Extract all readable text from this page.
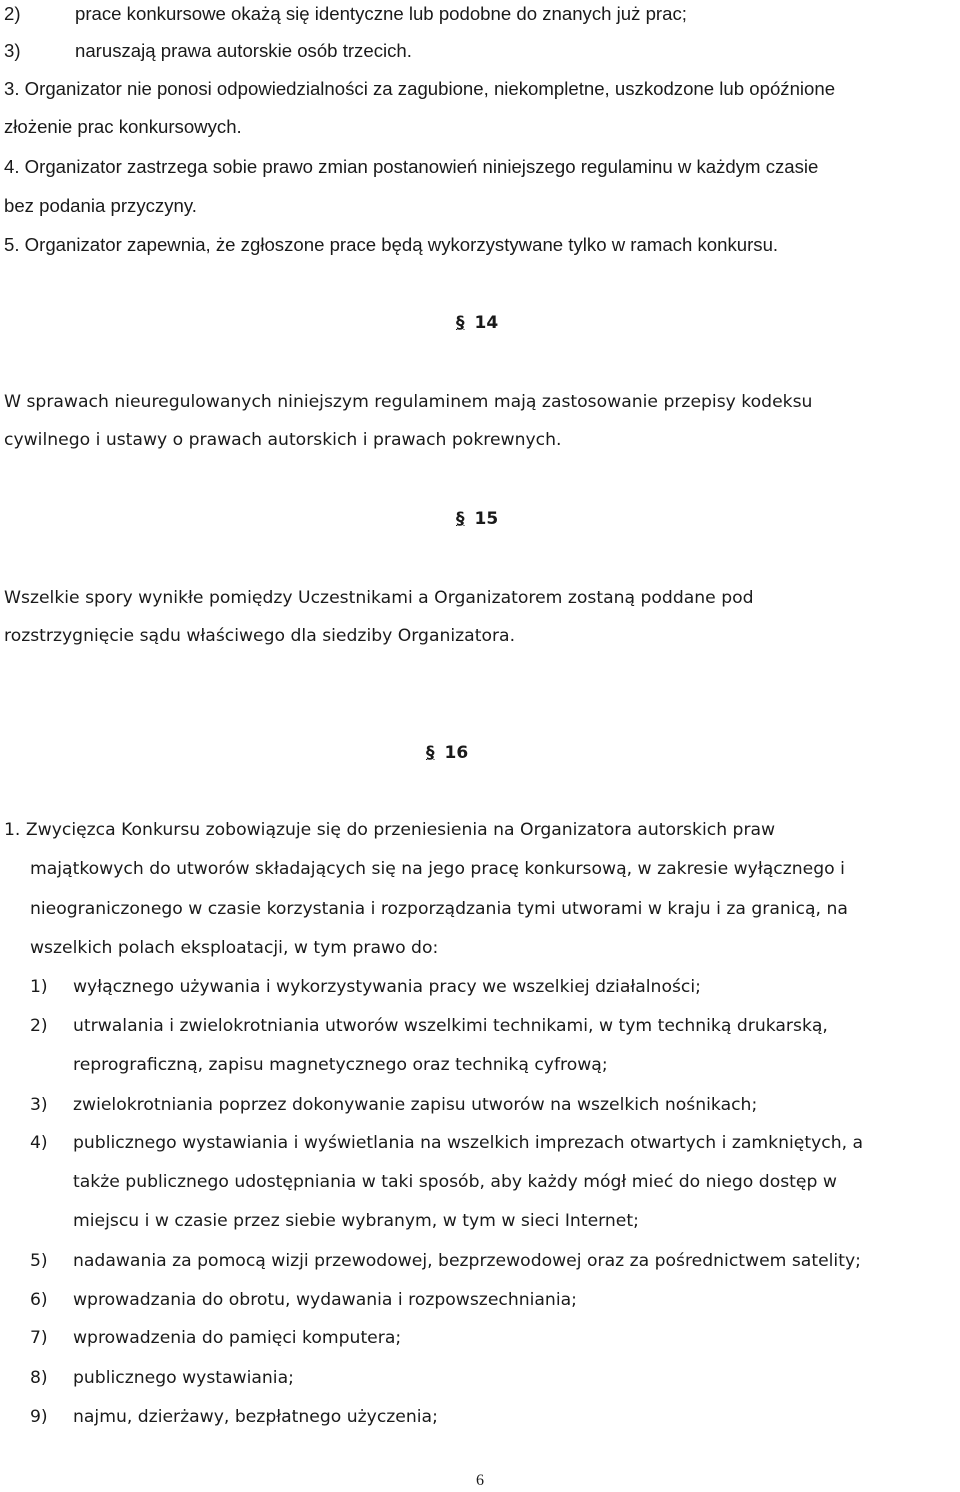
2)	prace konkursowe okażą się identyczne lub podobne do znanych już prac;
3)	naruszają prawa autorskie osób trzecich.
3. Organizator nie ponosi odpowiedzialności za zagubione, niekompletne, uszkodzone lub opóźnione
złożenie prac konkursowych.
4. Organizator zastrzega sobie prawo zmian postanowień niniejszego regulaminu w każdym czasie
bez podania przyczyny.
5. Organizator zapewnia, że zgłoszone prace będą wykorzystywane tylko w ramach konkursu.
§ 14
W sprawach nieuregulowanych niniejszym regulaminem mają zastosowanie przepisy kodeksu
cywilnego i ustawy o prawach autorskich i prawach pokrewnych.
§ 15
Wszelkie spory wynikłe pomiędzy Uczestnikami a Organizatorem zostaną poddane pod
rozstrzygnięcie sądu właściwego dla siedziby Organizatora.
§ 16
1. Zwycięzca Konkursu zobowiązuje się do przeniesienia na Organizatora autorskich praw
majątkowych do utworów składających się na jego pracę konkursową, w zakresie wyłącznego i
nieograniczonego w czasie korzystania i rozporządzania tymi utworami w kraju i za granicą, na
wszelkich polach eksploatacji, w tym prawo do:
1) wyłącznego używania i wykorzystywania pracy we wszelkiej działalności;
2) utrwalania i zwielokrotniania utworów wszelkimi technikami, w tym techniką drukarską,
reprograficzną, zapisu magnetycznego oraz techniką cyfrową;
3) zwielokrotniania poprzez dokonywanie zapisu utworów na wszelkich nośnikach;
4) publicznego wystawiania i wyświetlania na wszelkich imprezach otwartych i zamkniętych, a
także publicznego udostępniania w taki sposób, aby każdy mógł mieć do niego dostęp w
miejscu i w czasie przez siebie wybranym, w tym w sieci Internet;
5) nadawania za pomocą wizji przewodowej, bezprzewodowej oraz za pośrednictwem satelity;
6) wprowadzania do obrotu, wydawania i rozpowszechniania;
7) wprowadzenia do pamięci komputera;
8) publicznego wystawiania;
9) najmu, dzierżawy, bezpłatnego użyczenia;
6
